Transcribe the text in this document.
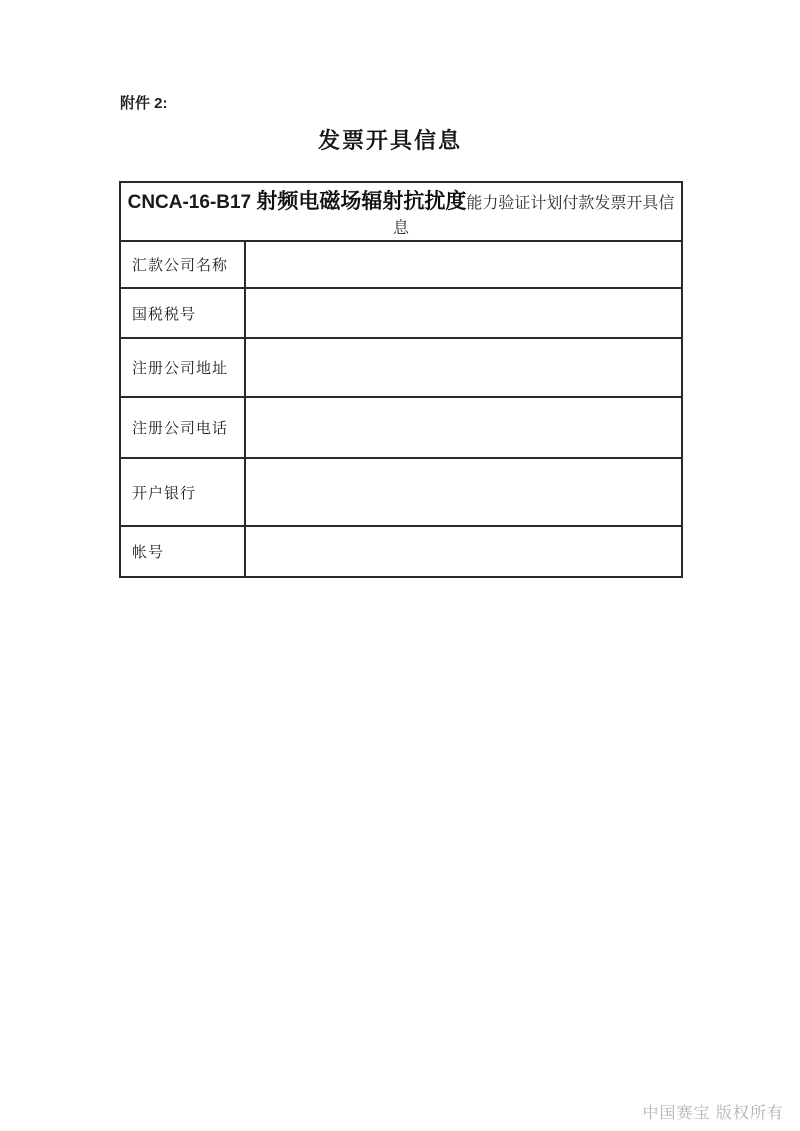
附件 2:
发票开具信息
CNCA-16-B17 射频电磁场辐射抗扰度能力验证计划付款发票开具信息	
汇款公司名称	
国税税号	
注册公司地址	
注册公司电话	
开户银行	
帐号	
中国赛宝 版权所有
